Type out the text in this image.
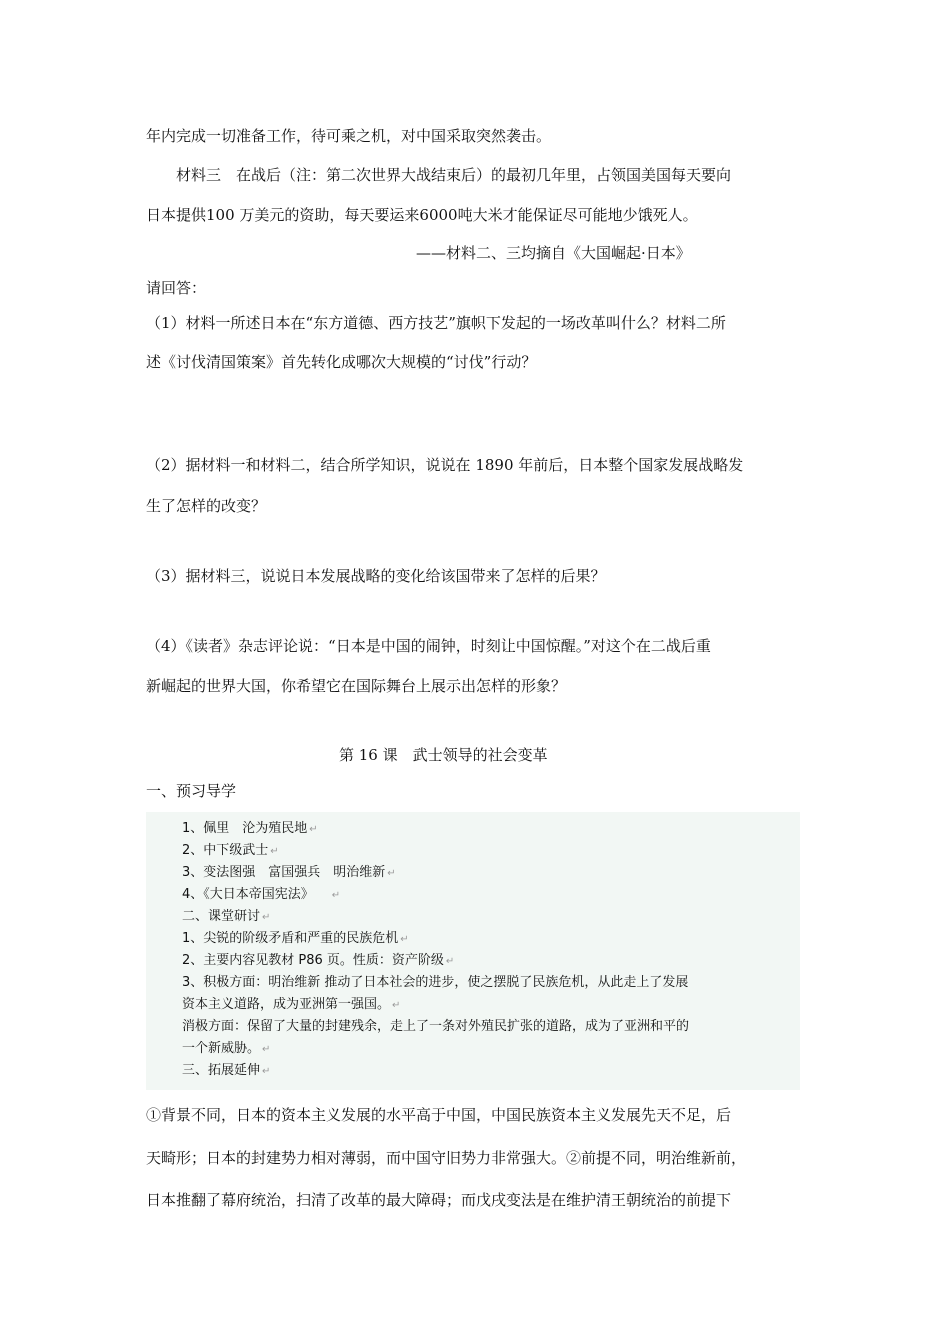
年内完成一切准备工作，待可乘之机，对中国采取突然袭击。
材料三　在战后（注：第二次世界大战结束后）的最初几年里，占领国美国每天要向
日本提供100 万美元的资助，每天要运来6000吨大米才能保证尽可能地少饿死人。
——材料二、三均摘自《大国崛起·日本》
请回答：
（1）材料一所述日本在“东方道德、西方技艺”旗帜下发起的一场改革叫什么？材料二所
述《讨伐清国策案》首先转化成哪次大规模的“讨伐”行动？
（2）据材料一和材料二，结合所学知识，说说在 1890 年前后，日本整个国家发展战略发
生了怎样的改变？
（3）据材料三，说说日本发展战略的变化给该国带来了怎样的后果？
（4）《读者》杂志评论说：“日本是中国的闹钟，时刻让中国惊醒。”对这个在二战后重
新崛起的世界大国，你希望它在国际舞台上展示出怎样的形象？
第 16 课　武士领导的社会变革
一、预习导学
1、佩里　沦为殖民地 ↵
2、中下级武士 ↵
3、变法图强　富国强兵　明治维新 ↵
4、《大日本帝国宪法》 ↵
二、课堂研讨 ↵
1、尖锐的阶级矛盾和严重的民族危机 ↵
2、主要内容见教材 P86 页。性质：资产阶级 ↵
3、积极方面：明治维新 推动了日本社会的进步，使之摆脱了民族危机，从此走上了发展
资本主义道路，成为亚洲第一强国。 ↵
消极方面：保留了大量的封建残余，走上了一条对外殖民扩张的道路，成为了亚洲和平的
一个新威胁。 ↵
三、拓展延伸 ↵
①背景不同，日本的资本主义发展的水平高于中国，中国民族资本主义发展先天不足，后
天畸形；日本的封建势力相对薄弱，而中国守旧势力非常强大。②前提不同，明治维新前，
日本推翻了幕府统治，扫清了改革的最大障碍；而戊戌变法是在维护清王朝统治的前提下
